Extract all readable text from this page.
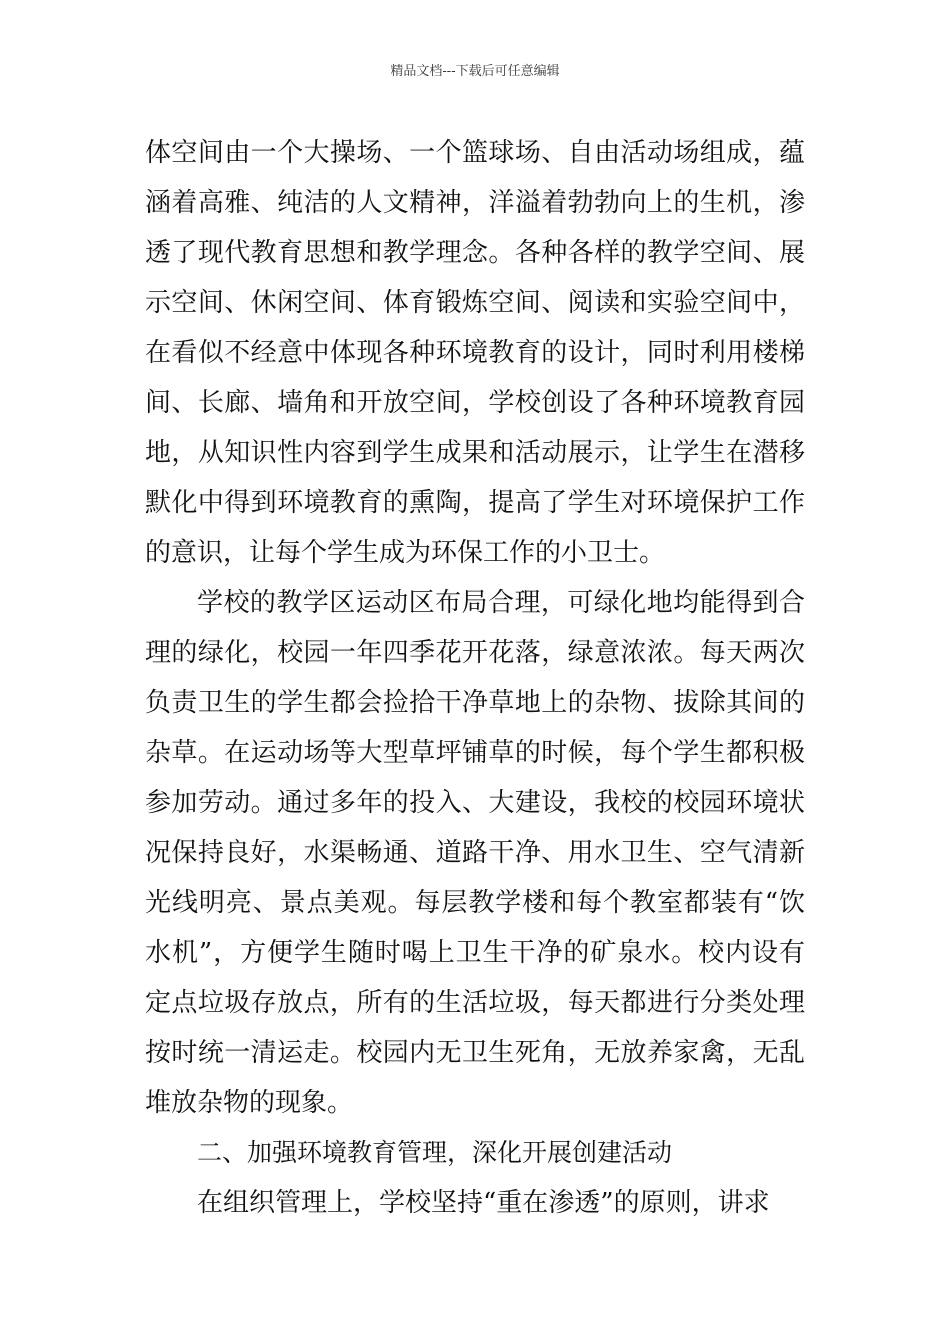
精品文档---下载后可任意编辑

体空间由一个大操场、一个篮球场、自由活动场组成，蕴涵着高雅、纯洁的人文精神，洋溢着勃勃向上的生机，渗透了现代教育思想和教学理念。各种各样的教学空间、展示空间、休闲空间、体育锻炼空间、阅读和实验空间中，在看似不经意中体现各种环境教育的设计，同时利用楼梯间、长廊、墙角和开放空间，学校创设了各种环境教育园地，从知识性内容到学生成果和活动展示，让学生在潜移默化中得到环境教育的熏陶，提高了学生对环境保护工作的意识，让每个学生成为环保工作的小卫士。

学校的教学区运动区布局合理，可绿化地均能得到合理的绿化，校园一年四季花开花落，绿意浓浓。每天两次负责卫生的学生都会捡拾干净草地上的杂物、拔除其间的杂草。在运动场等大型草坪铺草的时候，每个学生都积极参加劳动。通过多年的投入、大建设，我校的校园环境状况保持良好，水渠畅通、道路干净、用水卫生、空气清新光线明亮、景点美观。每层教学楼和每个教室都装有“饮水机”，方便学生随时喝上卫生干净的矿泉水。校内设有定点垃圾存放点，所有的生活垃圾，每天都进行分类处理按时统一清运走。校园内无卫生死角，无放养家禽，无乱堆放杂物的现象。

二、加强环境教育管理，深化开展创建活动

在组织管理上，学校坚持“重在渗透”的原则，讲求
